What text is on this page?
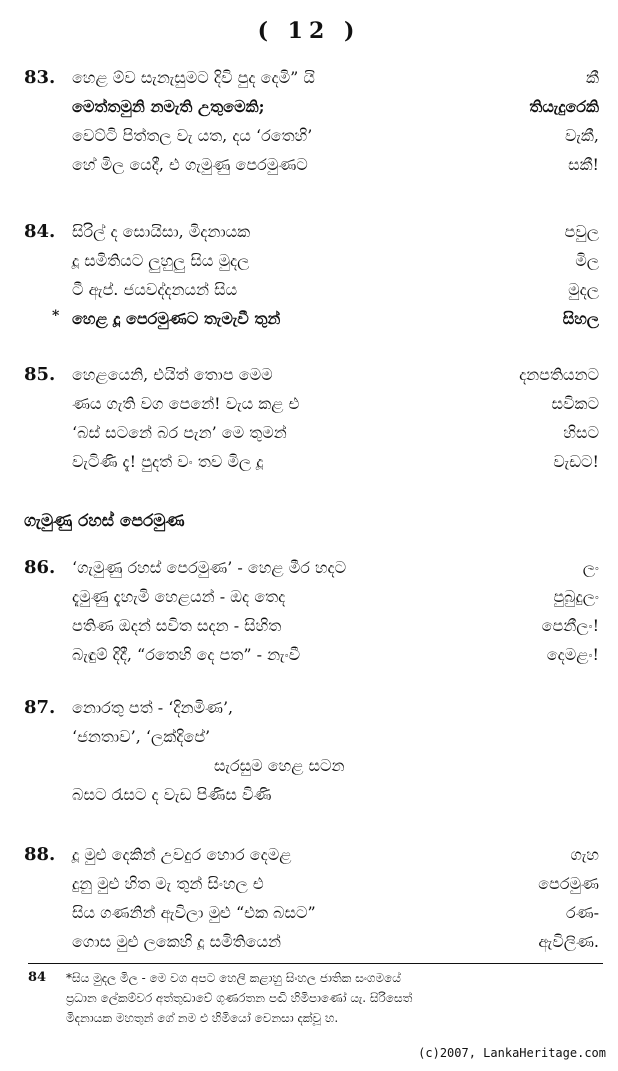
( 12 )
83. හෙළ ම්ව සැනැසුමට දිවි පුද දෙමි” යි	කී
මෙත්තමුනි නමැති උතුමෙකි;	තියැදුරෙකි
වෙට්ටි පිත්තල වැ යත, දය ‘රතෙහි’	වැකී,
හේ මිල යෙදී, එ ගැමුණු පෙරමුණට	සකී!
84. සිරිල් ද සොයිසා, මිදනායක	පවුල
දූ සමිතියට ලුහුලු සිය මුදල	මිල
ටී ඇප්. ජයවද්දනයන් සිය	මුදල
* හෙළ දූ පෙරමුණට තැමැවී තුන්	සිහල
85. හෙළයෙනි, එයිත් තොප මෙම	දනපතියනට
ණය ගැති වග පෙනේ! වැය කළ එ	සවිකට
‘බස් සටනේ බර පැන’ මෙ තුමන්	හිසට
වැටිණි දැ! පුදත් වං තව මිල දූ	වැඩට!
ගැමුණු රහස් පෙරමුණ
86. ‘ගැමුණු රහස් පෙරමුණ’ - හෙළ මීර හදට	ලං
දැමුණු දැහැමි හෙළයන් - ඔද තෙද	පුබුදුලං
පතිණ ඔදන් සවිත සදන - සිහිත	පෙනීලං!
බැඳුම් දිදී, “රතෙහි දෙ පත” - නැංවී	දෙමළං!
87. නොරතු පත් - ‘දිනමිණ’,
‘ජනතාව’, ‘ලක්දිපේ’
සැරසුම හෙළ සටන
බසට රැසට ද වැඩ පිණිස විණි
88. දූ මුළු දෙකින් උවදුර හොර දෙමළ	ගැහ
දුනු මුළු හිත මැ තුන් සිංහල එ	පෙරමුණ
සිය ගණනින් ඇවිලා මුළු “එක බසට”	රණ-
ගොස මුළු ලකෙහි දූ සමිතියෙන්	ඇවිලිණ.
84	*සිය මුදල මිල - මෙ වග අපට හෙලි කළාහු සිංහල ජාතික සංගමයේ
ප්‍රධාන ලේකම්වර අත්තුඩාවේ ගුණරතන පඬි හිමිපාණෝ යැ. සිරිසෙත්
මිදනායක මහතුන් ගේ නම එ හිමියෝ වෙනසා දක්වූ හ.
(c)2007, LankaHeritage.com
